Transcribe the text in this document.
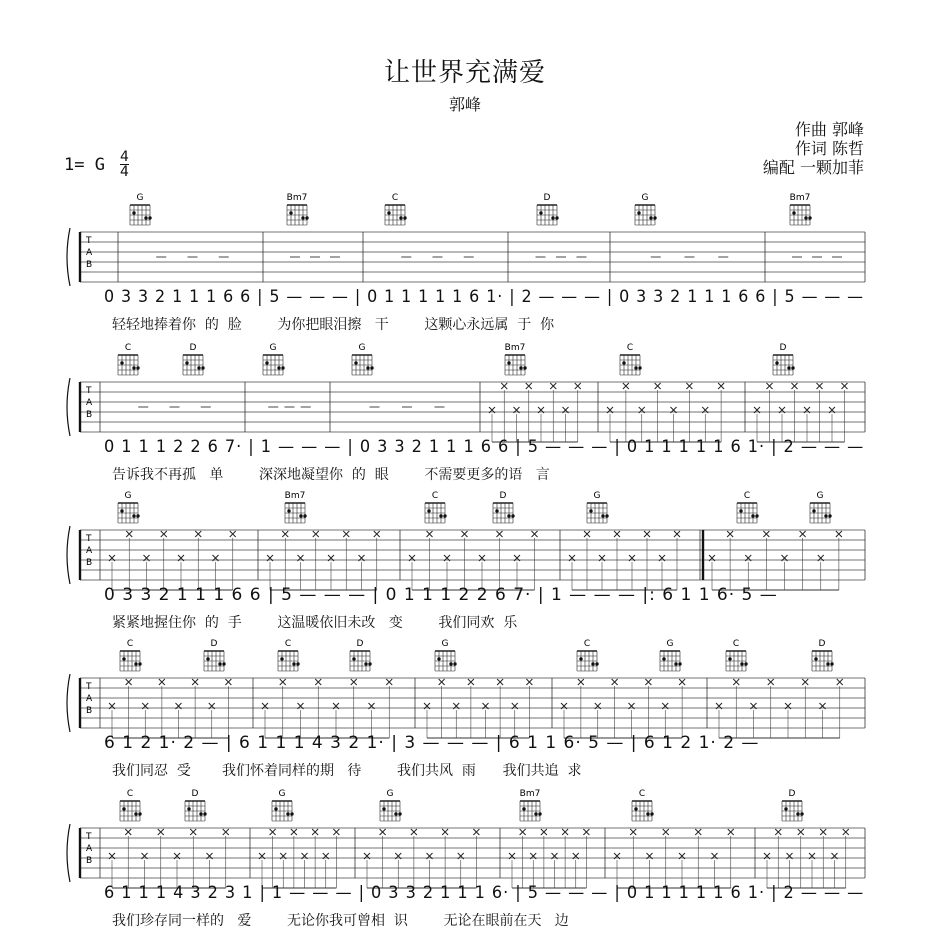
让世界充满爱
郭峰
作曲 郭峰
作词 陈哲
编配 一颗加菲
1= G 4
4
G	Bm7	C	D	G	Bm7
T
A
B
0 3 3 2 1 1 1 6 6 | 5 — — — | 0 1 1 1 1 1 6 1· | 2 — — — | 0 3 3 2 1 1 1 6 6 | 5 — — —
轻轻地捧着你  的  脸        为你把眼泪擦   干        这颗心永远属  于  你
C	D	G	G	Bm7	C	D
T
A
B
0 1 1 1 2 2 6 7· | 1 — — — | 0 3 3 2 1 1 1 6 6 | 5 — — — | 0 1 1 1 1 1 6 1· | 2 — — —
告诉我不再孤   单        深深地凝望你  的  眼        不需要更多的语   言
G	Bm7	C	D	G	C	G
T
A
B
0 3 3 2 1 1 1 6 6 | 5 — — — | 0 1 1 1 2 2 6 7· | 1 — — — |: 6 1 1 6· 5 —
紧紧地握住你  的  手        这温暖依旧未改   变        我们同欢  乐
C	D	C	D	G	C	G	C	D
T
A
B
6 1 2 1· 2 — | 6 1 1 1 4 3 2 1· | 3 — — — | 6 1 1 6· 5 — | 6 1 2 1· 2 —
我们同忍  受       我们怀着同样的期   待        我们共风  雨      我们共追  求
C	D	G	G	Bm7	C	D
T
A
B
6 1 1 1 4 3 2 3 1 | 1 — — — | 0 3 3 2 1 1 1 6· | 5 — — — | 0 1 1 1 1 1 6 1· | 2 — — —
我们珍存同一样的   爱        无论你我可曾相  识        无论在眼前在天   边
